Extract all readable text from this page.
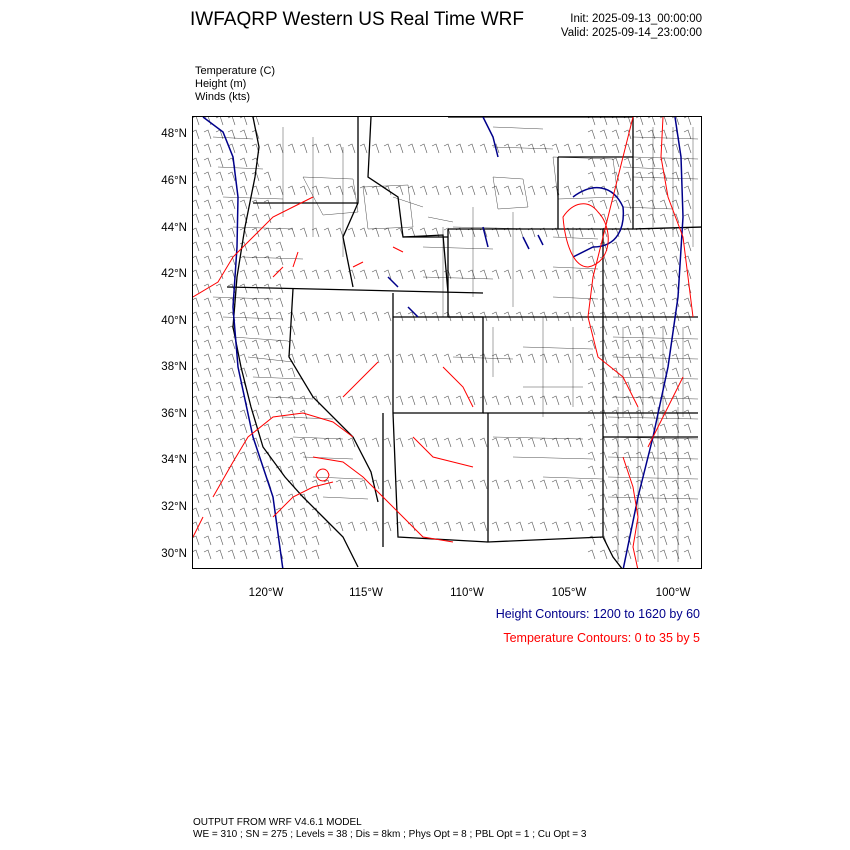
IWFAQRP Western US Real Time WRF	Init: 2025-09-13_00:00:00
Valid: 2025-09-14_23:00:00
Temperature (C)
Height (m)
Winds (kts)
48°N
46°N
44°N
42°N
40°N
38°N
36°N
34°N
32°N
30°N
120°W	115°W	110°W	105°W	100°W
Height Contours: 1200 to 1620 by 60
Temperature Contours: 0 to 35 by 5
OUTPUT FROM WRF V4.6.1 MODEL
WE = 310 ; SN = 275 ; Levels = 38 ; Dis = 8km ; Phys Opt = 8 ; PBL Opt = 1 ; Cu Opt = 3
